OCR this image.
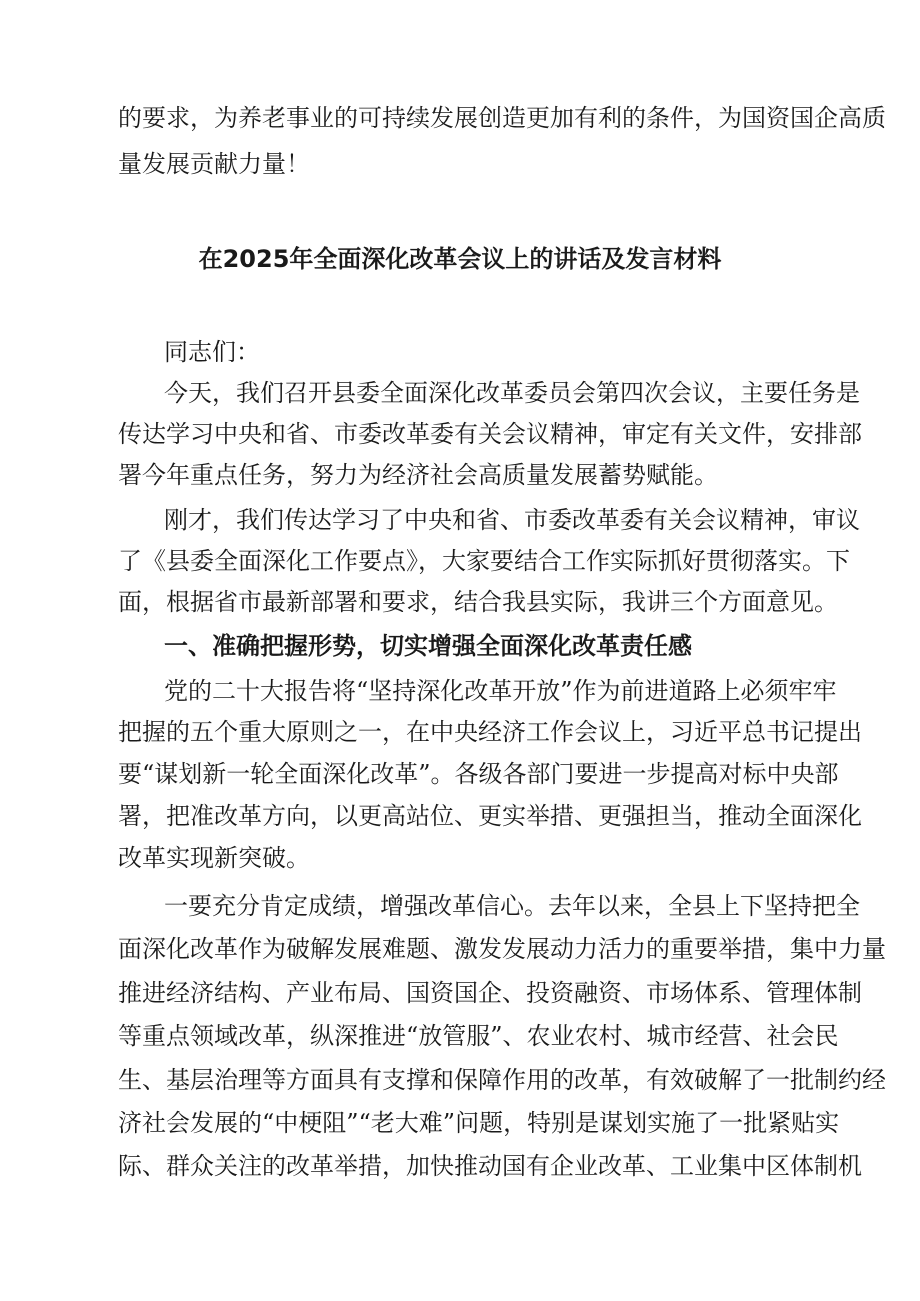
的要求，为养老事业的可持续发展创造更加有利的条件，为国资国企高质
量发展贡献力量！
在2025年全面深化改革会议上的讲话及发言材料
同志们：
今天，我们召开县委全面深化改革委员会第四次会议，主要任务是
传达学习中央和省、市委改革委有关会议精神，审定有关文件，安排部
署今年重点任务，努力为经济社会高质量发展蓄势赋能。
刚才，我们传达学习了中央和省、市委改革委有关会议精神，审议
了《县委全面深化工作要点》，大家要结合工作实际抓好贯彻落实。下
面，根据省市最新部署和要求，结合我县实际，我讲三个方面意见。
一、准确把握形势，切实增强全面深化改革责任感
党的二十大报告将“坚持深化改革开放”作为前进道路上必须牢牢
把握的五个重大原则之一，在中央经济工作会议上，习近平总书记提出
要“谋划新一轮全面深化改革”。各级各部门要进一步提高对标中央部
署，把准改革方向，以更高站位、更实举措、更强担当，推动全面深化
改革实现新突破。
一要充分肯定成绩，增强改革信心。去年以来，全县上下坚持把全
面深化改革作为破解发展难题、激发发展动力活力的重要举措，集中力量
推进经济结构、产业布局、国资国企、投资融资、市场体系、管理体制
等重点领域改革，纵深推进“放管服”、农业农村、城市经营、社会民
生、基层治理等方面具有支撑和保障作用的改革，有效破解了一批制约经
济社会发展的“中梗阻”“老大难”问题，特别是谋划实施了一批紧贴实
际、群众关注的改革举措，加快推动国有企业改革、工业集中区体制机
